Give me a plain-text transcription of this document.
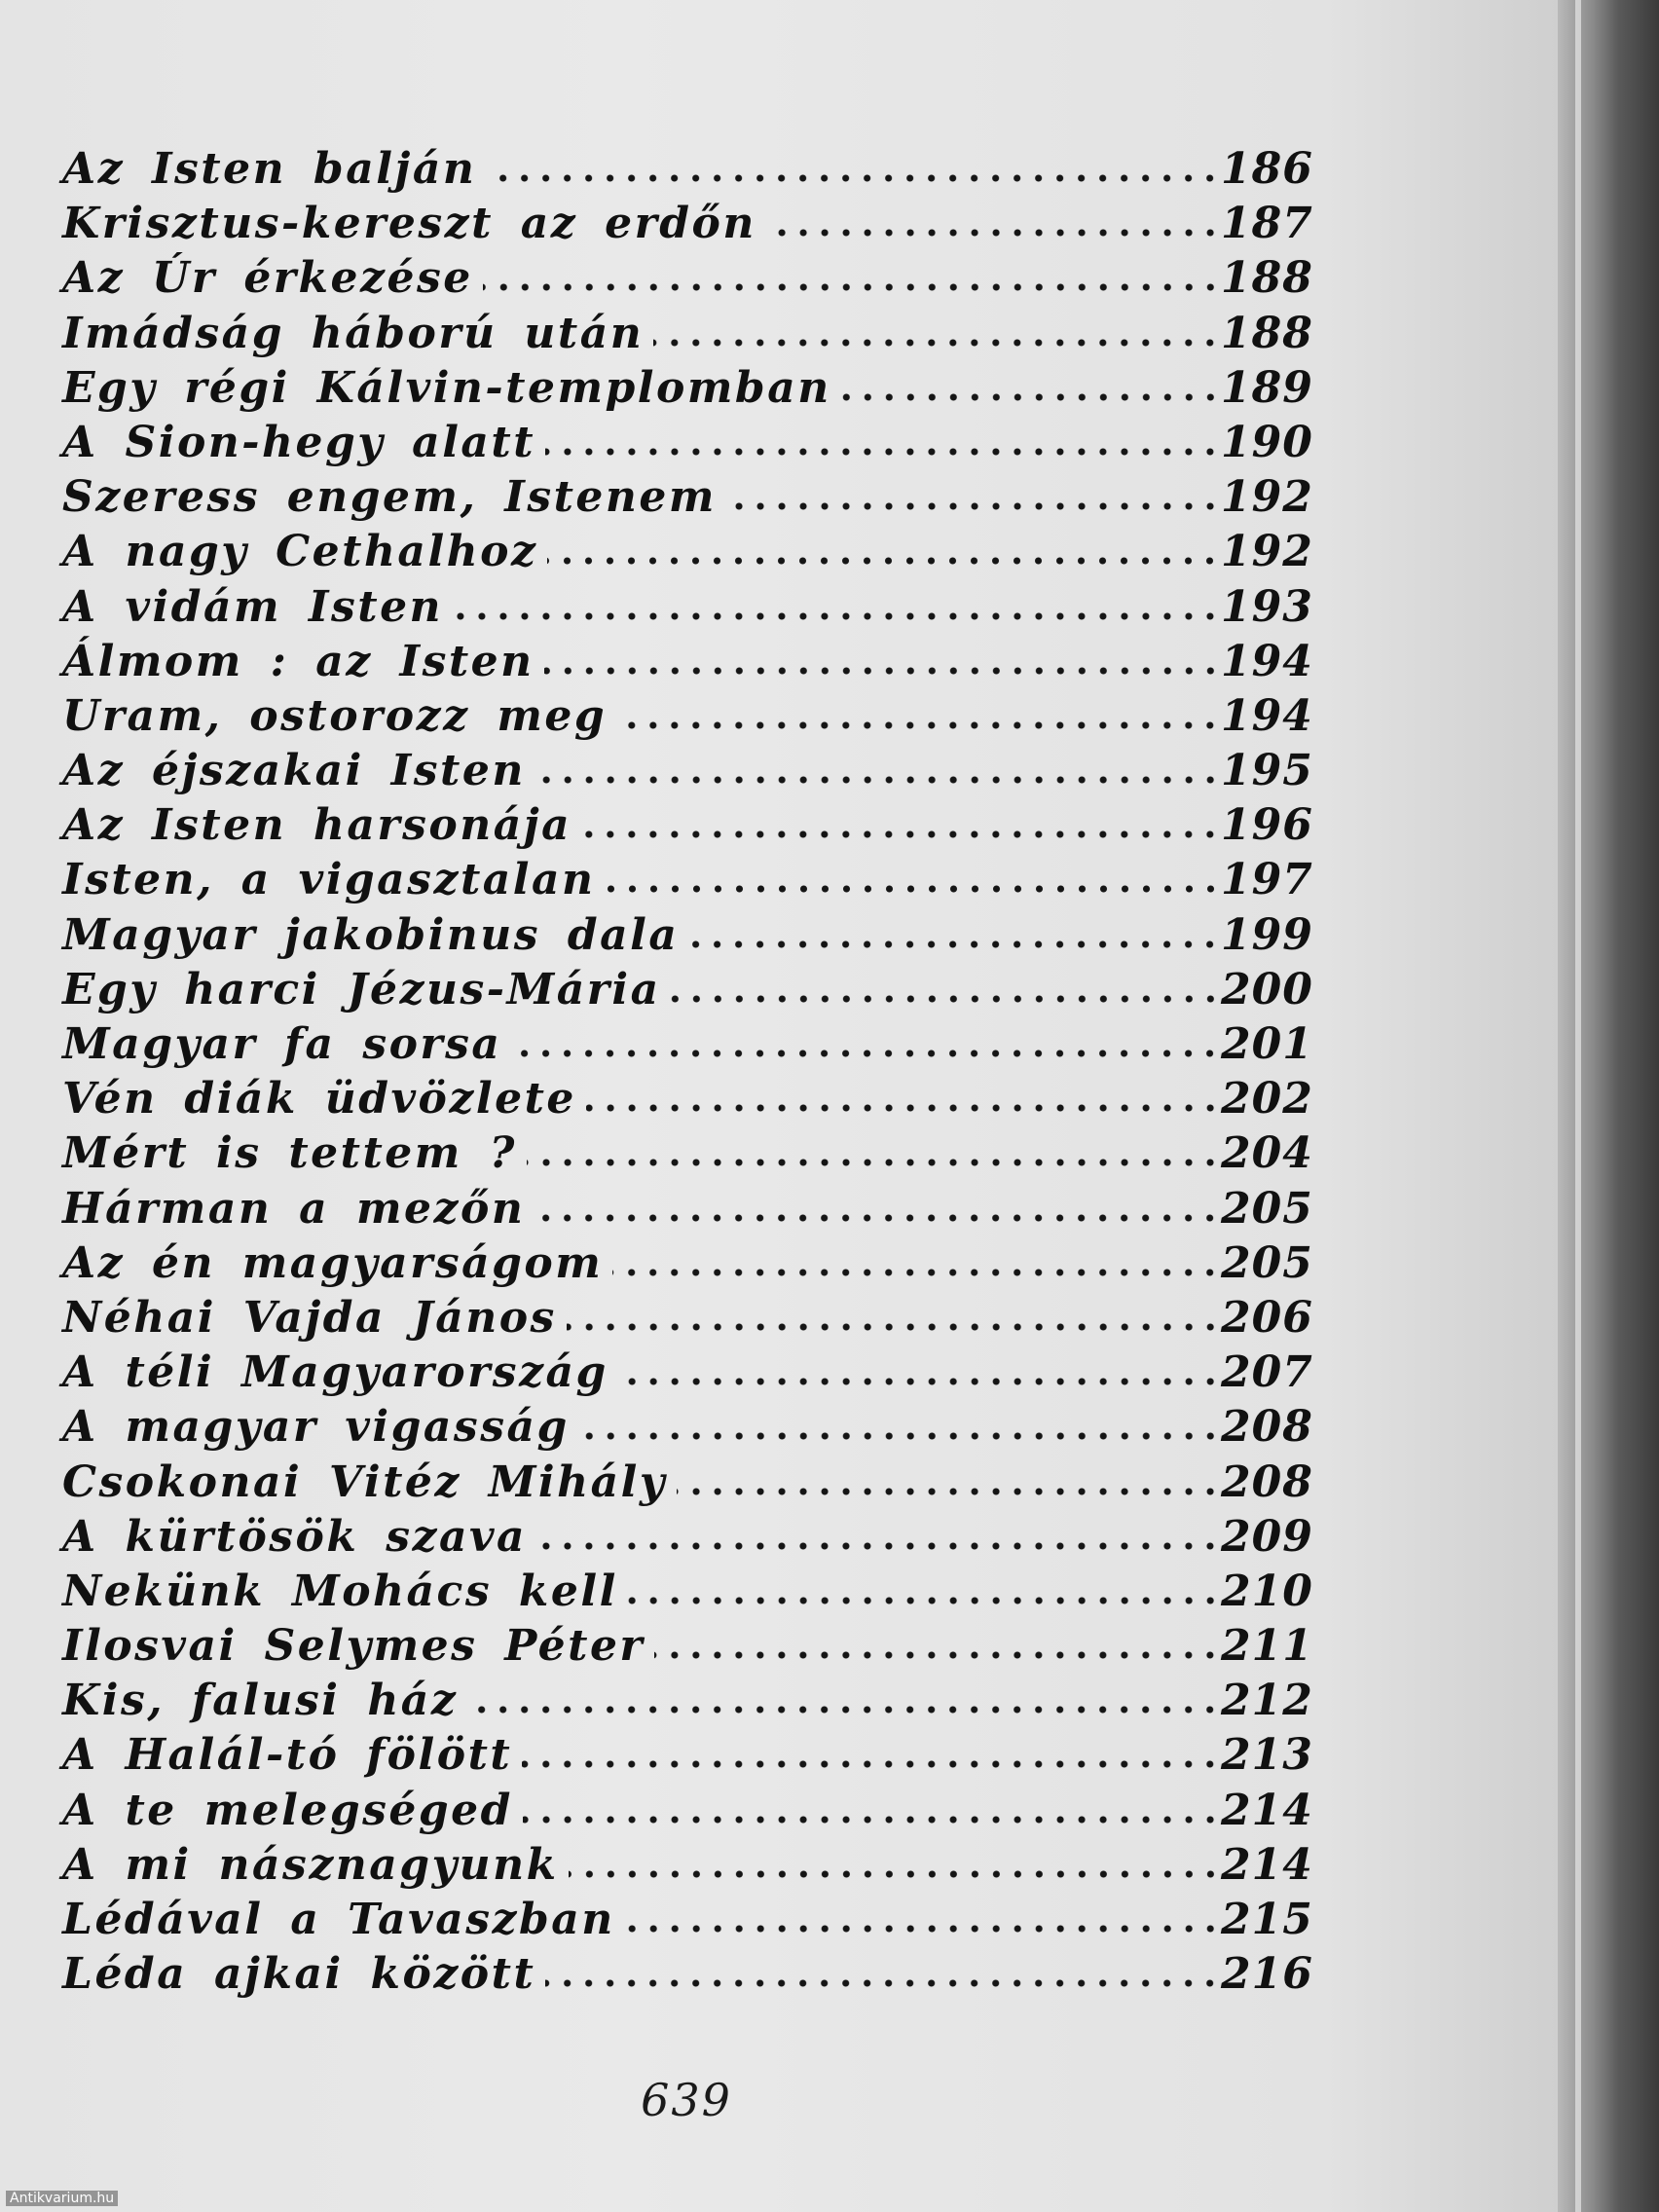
Az Isten balján	186
Krisztus-kereszt az erdőn	187
Az Úr érkezése	188
Imádság háború után	188
Egy régi Kálvin-templomban	189
A Sion-hegy alatt	190
Szeress engem, Istenem	192
A nagy Cethalhoz	192
A vidám Isten	193
Álmom : az Isten	194
Uram, ostorozz meg	194
Az éjszakai Isten	195
Az Isten harsonája	196
Isten, a vigasztalan	197
Magyar jakobinus dala	199
Egy harci Jézus-Mária	200
Magyar fa sorsa	201
Vén diák üdvözlete	202
Mért is tettem ?	204
Hárman a mezőn	205
Az én magyarságom	205
Néhai Vajda János	206
A téli Magyarország	207
A magyar vigasság	208
Csokonai Vitéz Mihály	208
A kürtösök szava	209
Nekünk Mohács kell	210
Ilosvai Selymes Péter	211
Kis, falusi ház	212
A Halál-tó fölött	213
A te melegséged	214
A mi násznagyunk	214
Lédával a Tavaszban	215
Léda ajkai között	216
639
Antikvarium.hu
